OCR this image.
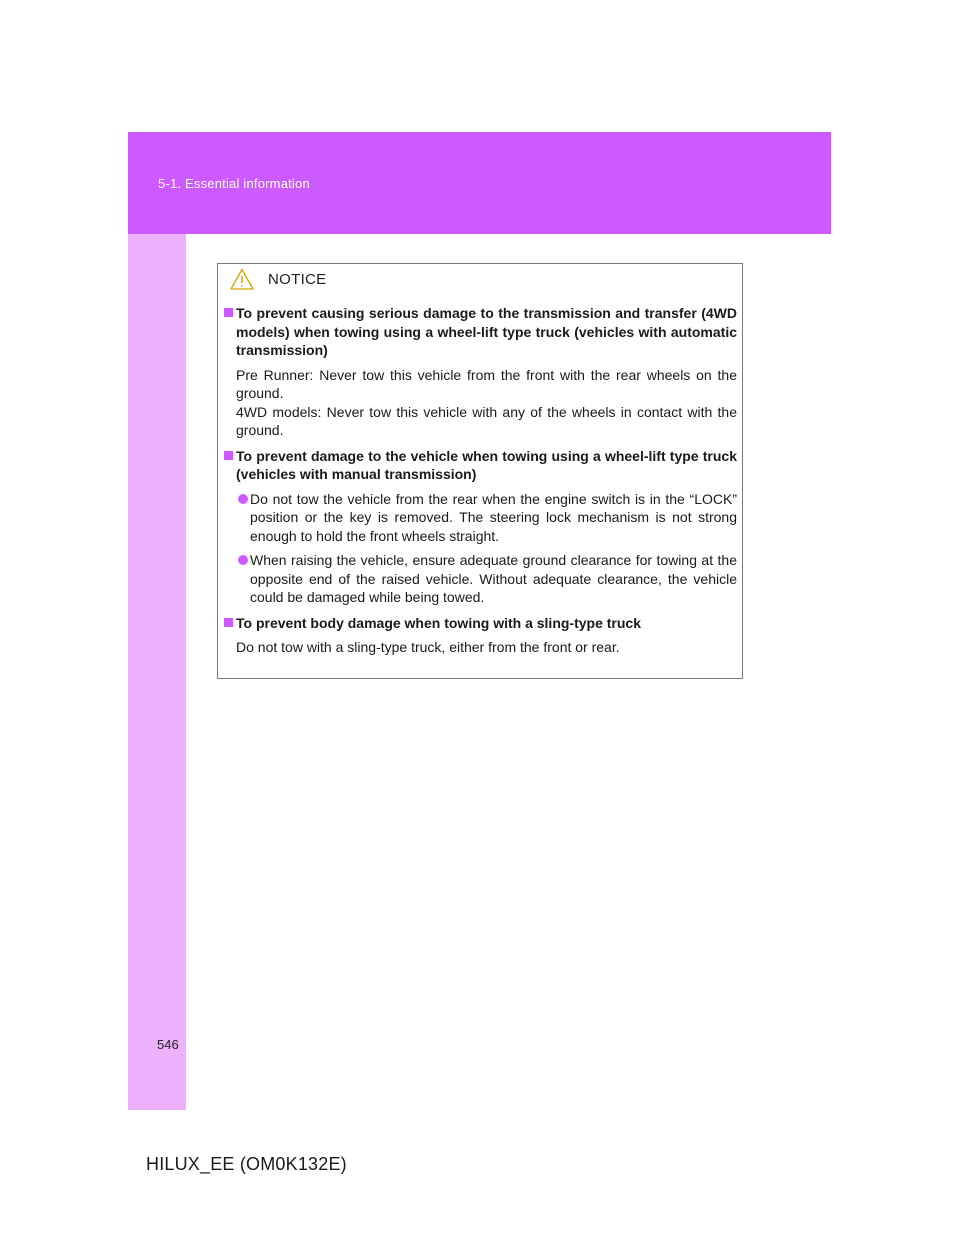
5-1. Essential information
NOTICE
To prevent causing serious damage to the transmission and transfer (4WD models) when towing using a wheel-lift type truck (vehicles with automatic transmission)
Pre Runner: Never tow this vehicle from the front with the rear wheels on the ground.
4WD models: Never tow this vehicle with any of the wheels in contact with the ground.
To prevent damage to the vehicle when towing using a wheel-lift type truck (vehicles with manual transmission)
Do not tow the vehicle from the rear when the engine switch is in the “LOCK” position or the key is removed. The steering lock mechanism is not strong enough to hold the front wheels straight.
When raising the vehicle, ensure adequate ground clearance for towing at the opposite end of the raised vehicle. Without adequate clearance, the vehicle could be damaged while being towed.
To prevent body damage when towing with a sling-type truck
Do not tow with a sling-type truck, either from the front or rear.
546
HILUX_EE (OM0K132E)
